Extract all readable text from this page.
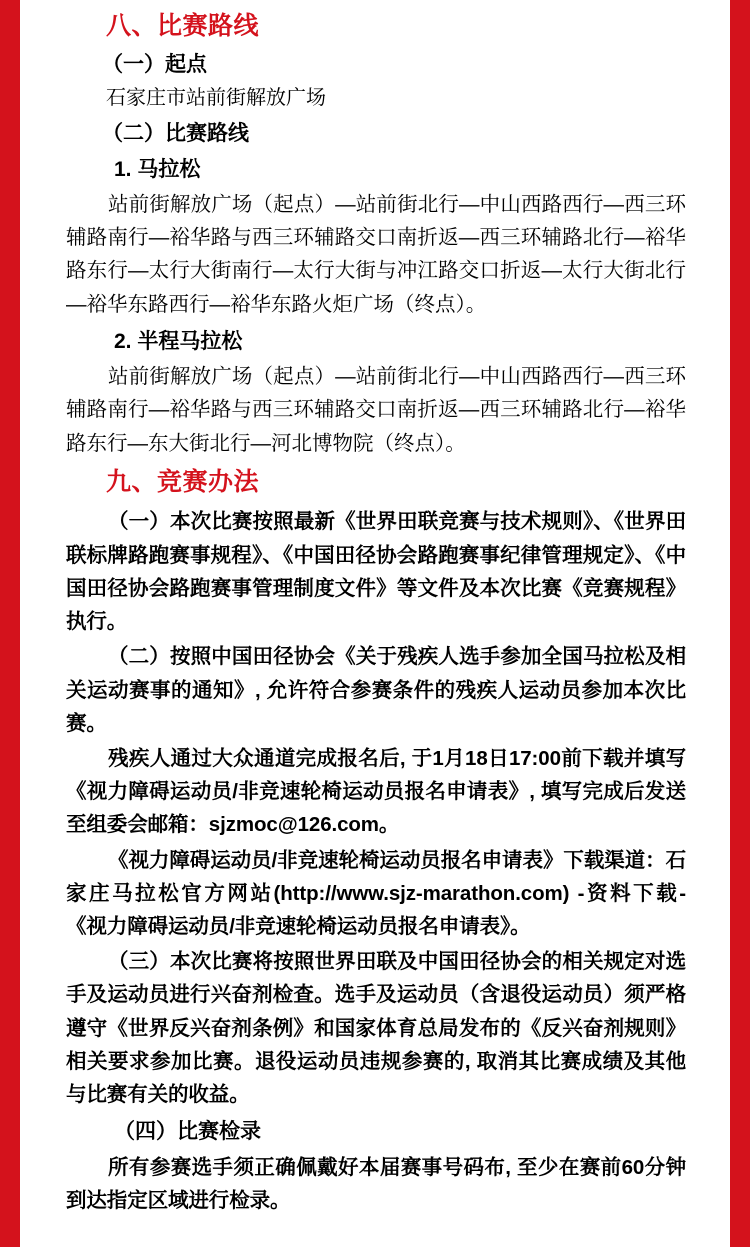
八、比赛路线
（一）起点
石家庄市站前街解放广场
（二）比赛路线
1. 马拉松
站前街解放广场（起点）—站前街北行—中山西路西行—西三环辅路南行—裕华路与西三环辅路交口南折返—西三环辅路北行—裕华路东行—太行大街南行—太行大街与冲江路交口折返—太行大街北行—裕华东路西行—裕华东路火炬广场（终点）。
2. 半程马拉松
站前街解放广场（起点）—站前街北行—中山西路西行—西三环辅路南行—裕华路与西三环辅路交口南折返—西三环辅路北行—裕华路东行—东大街北行—河北博物院（终点）。
九、竞赛办法
（一）本次比赛按照最新《世界田联竞赛与技术规则》、《世界田联标牌路跑赛事规程》、《中国田径协会路跑赛事纪律管理规定》、《中国田径协会路跑赛事管理制度文件》等文件及本次比赛《竞赛规程》执行。
（二）按照中国田径协会《关于残疾人选手参加全国马拉松及相关运动赛事的通知》, 允许符合参赛条件的残疾人运动员参加本次比赛。
残疾人通过大众通道完成报名后, 于1月18日17:00前下载并填写《视力障碍运动员/非竞速轮椅运动员报名申请表》, 填写完成后发送至组委会邮箱：sjzmoc@126.com。
《视力障碍运动员/非竞速轮椅运动员报名申请表》下载渠道：石家庄马拉松官方网站(http://www.sjz-marathon.com) -资料下载-《视力障碍运动员/非竞速轮椅运动员报名申请表》。
（三）本次比赛将按照世界田联及中国田径协会的相关规定对选手及运动员进行兴奋剂检查。选手及运动员（含退役运动员）须严格遵守《世界反兴奋剂条例》和国家体育总局发布的《反兴奋剂规则》相关要求参加比赛。退役运动员违规参赛的, 取消其比赛成绩及其他与比赛有关的收益。
（四）比赛检录
所有参赛选手须正确佩戴好本届赛事号码布, 至少在赛前60分钟到达指定区域进行检录。
